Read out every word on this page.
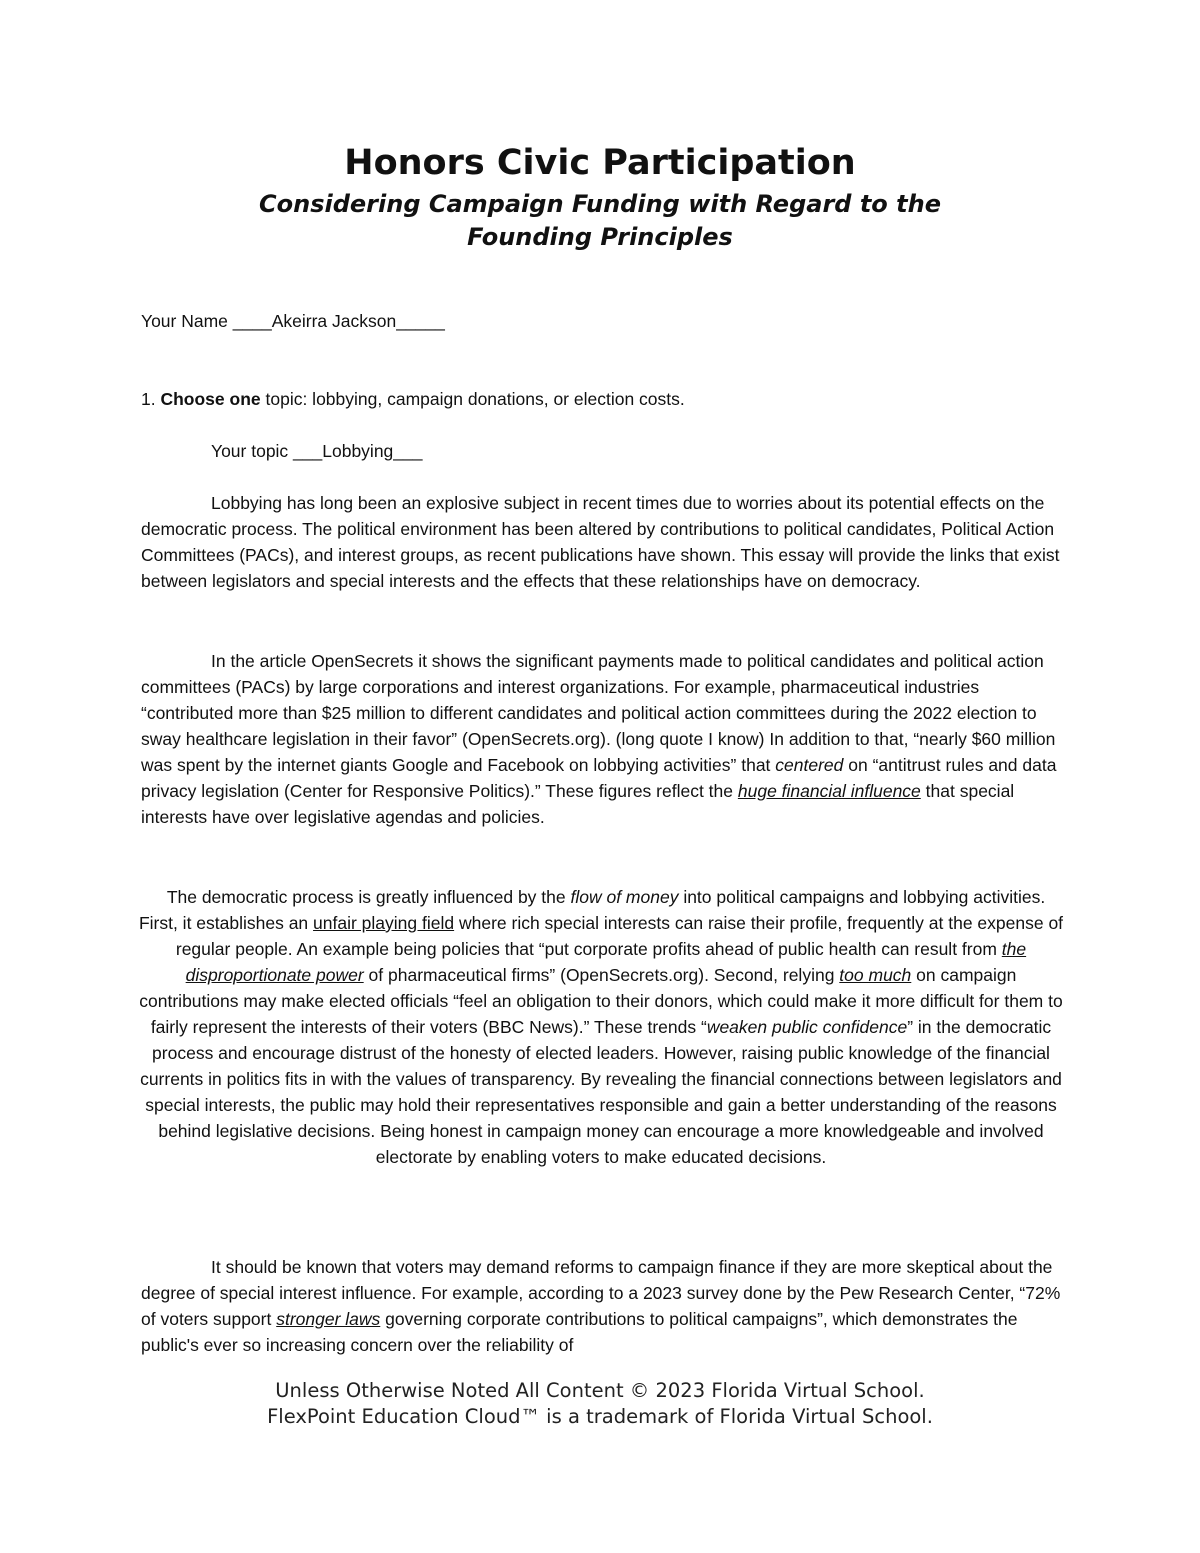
Honors Civic Participation
Considering Campaign Funding with Regard to the
Founding Principles
Your Name ____Akeirra Jackson_____
1. Choose one topic: lobbying, campaign donations, or election costs.
Your topic ___Lobbying___

Lobbying has long been an explosive subject in recent times due to worries about its potential effects on the democratic process. The political environment has been altered by contributions to political candidates, Political Action Committees (PACs), and interest groups, as recent publications have shown. This essay will provide the links that exist between legislators and special interests and the effects that these relationships have on democracy.

In the article OpenSecrets it shows the significant payments made to political candidates and political action committees (PACs) by large corporations and interest organizations. For example, pharmaceutical industries “contributed more than $25 million to different candidates and political action committees during the 2022 election to sway healthcare legislation in their favor” (OpenSecrets.org). (long quote I know) In addition to that, “nearly $60 million was spent by the internet giants Google and Facebook on lobbying activities” that centered on “antitrust rules and data privacy legislation (Center for Responsive Politics).” These figures reflect the huge financial influence that special interests have over legislative agendas and policies.

The democratic process is greatly influenced by the flow of money into political campaigns and lobbying activities. First, it establishes an unfair playing field where rich special interests can raise their profile, frequently at the expense of regular people. An example being policies that “put corporate profits ahead of public health can result from the disproportionate power of pharmaceutical firms” (OpenSecrets.org). Second, relying too much on campaign contributions may make elected officials “feel an obligation to their donors, which could make it more difficult for them to fairly represent the interests of their voters (BBC News).” These trends “weaken public confidence” in the democratic process and encourage distrust of the honesty of elected leaders. However, raising public knowledge of the financial currents in politics fits in with the values of transparency. By revealing the financial connections between legislators and special interests, the public may hold their representatives responsible and gain a better understanding of the reasons behind legislative decisions. Being honest in campaign money can encourage a more knowledgeable and involved electorate by enabling voters to make educated decisions.

It should be known that voters may demand reforms to campaign finance if they are more skeptical about the degree of special interest influence. For example, according to a 2023 survey done by the Pew Research Center, “72% of voters support stronger laws governing corporate contributions to political campaigns”, which demonstrates the public's ever so increasing concern over the reliability of

Unless Otherwise Noted All Content © 2023 Florida Virtual School.
FlexPoint Education Cloud™ is a trademark of Florida Virtual School.
